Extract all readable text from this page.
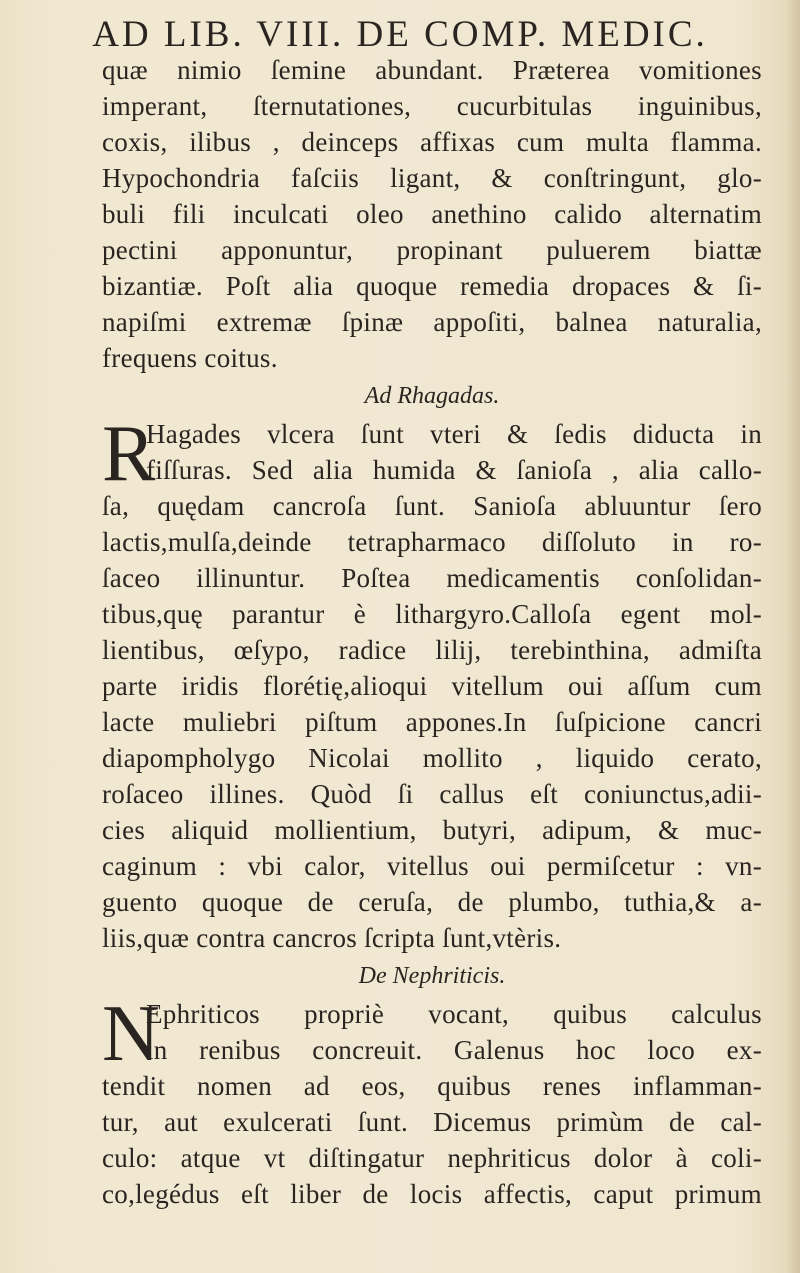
AD LIB. VIII. DE COMP. MEDIC.
quæ nimio ſemine abundant. Præterea vomitiones
imperant, ſternutationes, cucurbitulas inguinibus,
coxis, ilibus , deinceps affixas cum multa flamma.
Hypochondria faſciis ligant, & conſtringunt, glo-
buli fili inculcati oleo anethino calido alternatim
pectini apponuntur, propinant puluerem biattæ
bizantiæ. Poſt alia quoque remedia dropaces & ſi-
napiſmi extremæ ſpinæ appoſiti, balnea naturalia,
frequens coitus.
Ad Rhagadas.
R
Hagades vlcera ſunt vteri & ſedis diducta in
fiſſuras. Sed alia humida & ſanioſa , alia callo-
ſa, quędam cancroſa ſunt. Sanioſa abluuntur ſero
lactis,mulſa,deinde tetrapharmaco diſſoluto in ro-
ſaceo illinuntur. Poſtea medicamentis conſolidan-
tibus,quę parantur è lithargyro.Calloſa egent mol-
lientibus, œſypo, radice lilij, terebinthina, admiſta
parte iridis florétię,alioqui vitellum oui aſſum cum
lacte muliebri piſtum appones.In ſuſpicione cancri
diapompholygo Nicolai mollito , liquido cerato,
roſaceo illines. Quòd ſi callus eſt coniunctus,adii-
cies aliquid mollientium, butyri, adipum, & muc-
caginum : vbi calor, vitellus oui permiſcetur : vn-
guento quoque de ceruſa, de plumbo, tuthia,& a-
liis,quæ contra cancros ſcripta ſunt,vtèris.
De Nephriticis.
N
Ephriticos propriè vocant, quibus calculus
in renibus concreuit. Galenus hoc loco ex-
tendit nomen ad eos, quibus renes inflamman-
tur, aut exulcerati ſunt. Dicemus primùm de cal-
culo: atque vt diſtingatur nephriticus dolor à coli-
co,legédus eſt liber de locis affectis, caput primum
